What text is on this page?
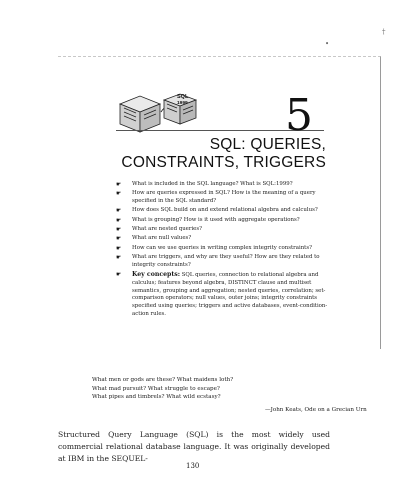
•
†
SQL
1999 5
SQL: QUERIES,
CONSTRAINTS, TRIGGERS
☛ What is included in the SQL language? What is SQL:1999?
☛ How are queries expressed in SQL? How is the meaning of a query specified in the SQL standard?
☛ How does SQL build on and extend relational algebra and calculus?
☛ What is grouping? How is it used with aggregate operations?
☛ What are nested queries?
☛ What are null values?
☛ How can we use queries in writing complex integrity constraints?
☛ What are triggers, and why are they useful? How are they related to integrity constraints?
☛ Key concepts: SQL queries, connection to relational algebra and calculus; features beyond algebra, DISTINCT clause and multiset semantics, grouping and aggregation; nested queries, correlation; set-comparison operators; null values, outer joins; integrity constraints specified using queries; triggers and active databases, event-condition-action rules.
What men or gods are these? What maidens loth?
What mad pursuit? What struggle to escape?
What pipes and timbrels? What wild ecstasy?
—John Keats, Ode on a Grecian Urn
Structured Query Language (SQL) is the most widely used commercial relational database language. It was originally developed at IBM in the SEQUEL-
130
